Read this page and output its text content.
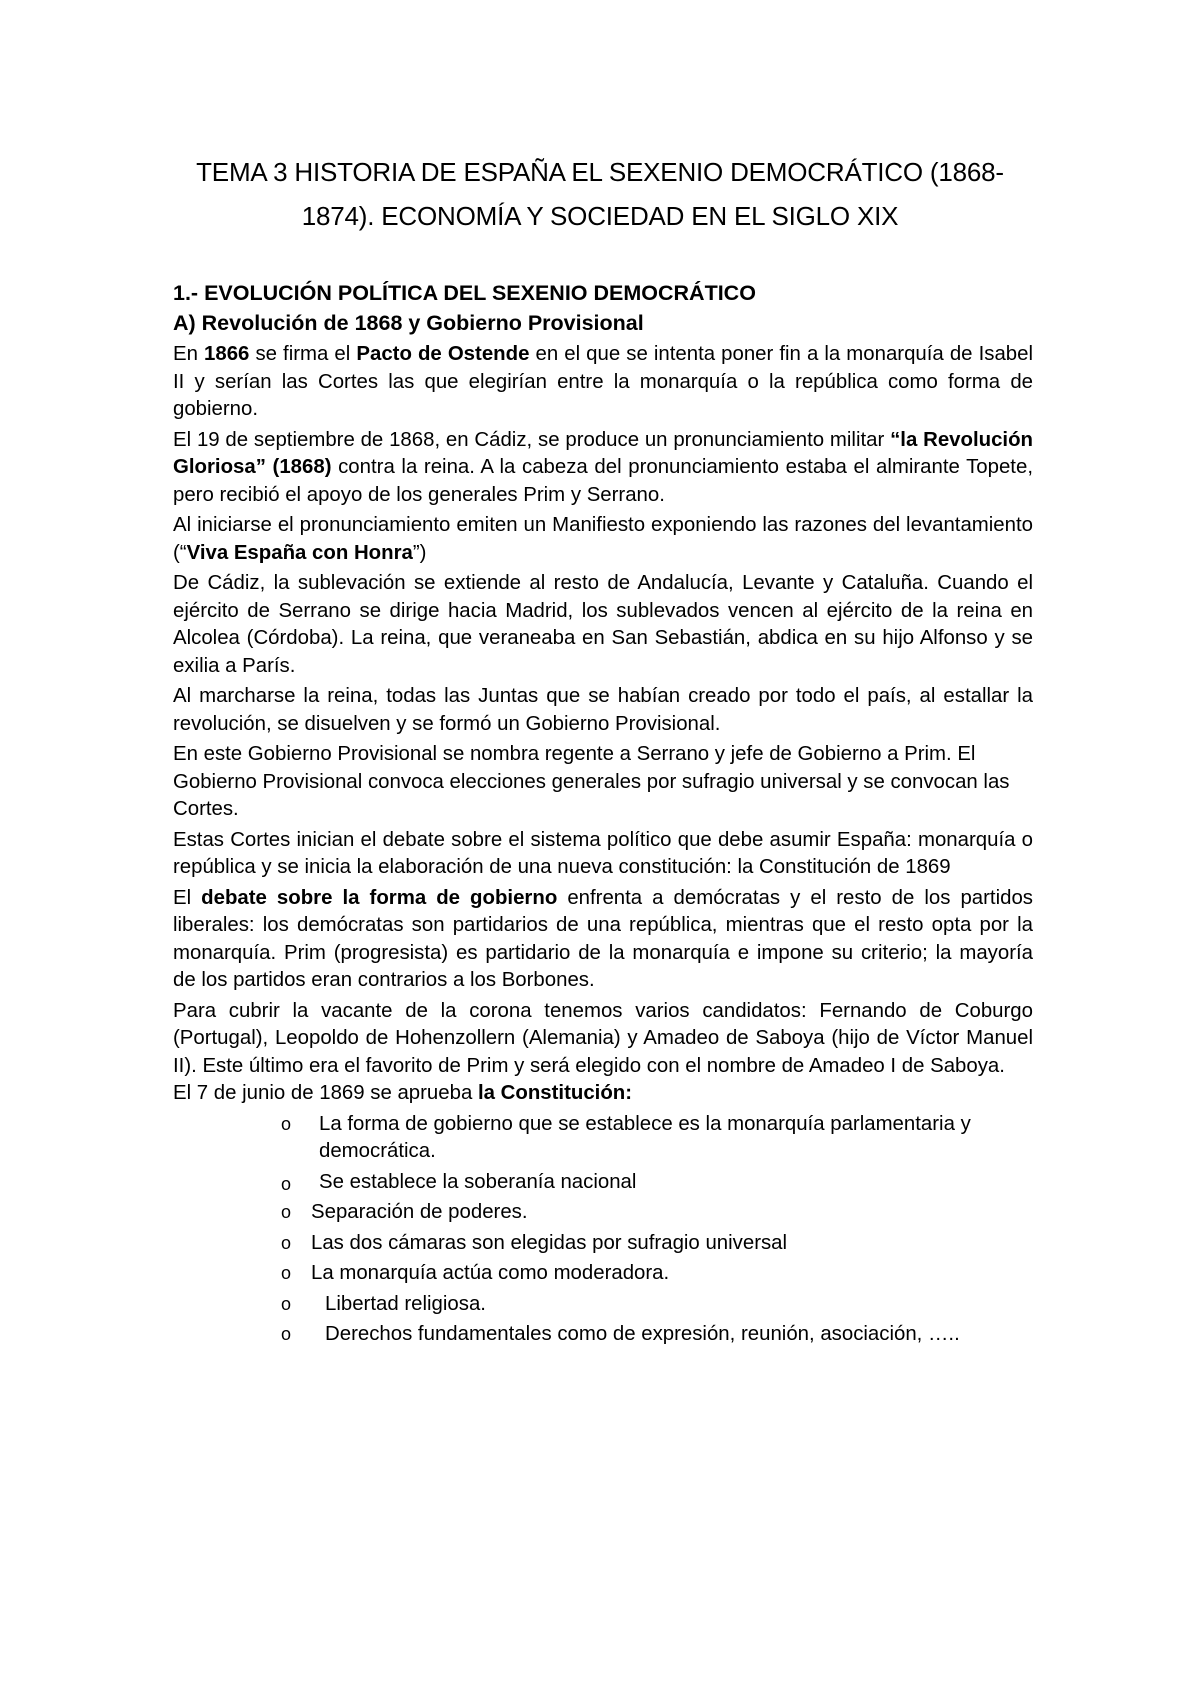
TEMA 3 HISTORIA DE ESPAÑA EL SEXENIO DEMOCRÁTICO (1868-
1874). ECONOMÍA Y SOCIEDAD EN EL SIGLO XIX
1.- EVOLUCIÓN POLÍTICA DEL SEXENIO DEMOCRÁTICO
A) Revolución de 1868 y Gobierno Provisional

En 1866 se firma el Pacto de Ostende en el que se intenta poner fin a la monarquía de Isabel II y serían las Cortes las que elegirían entre la monarquía o la república como forma de gobierno.

El 19 de septiembre de 1868, en Cádiz, se produce un pronunciamiento militar “la Revolución Gloriosa” (1868) contra la reina. A la cabeza del pronunciamiento estaba el almirante Topete, pero recibió el apoyo de los generales Prim y Serrano.

Al iniciarse el pronunciamiento emiten un Manifiesto exponiendo las razones del levantamiento (“Viva España con Honra”)

De Cádiz, la sublevación se extiende al resto de Andalucía, Levante y Cataluña. Cuando el ejército de Serrano se dirige hacia Madrid, los sublevados vencen al ejército de la reina en Alcolea (Córdoba). La reina, que veraneaba en San Sebastián, abdica en su hijo Alfonso y se exilia a París.

Al marcharse la reina, todas las Juntas que se habían creado por todo el país, al estallar la revolución, se disuelven y se formó un Gobierno Provisional.

En este Gobierno Provisional se nombra regente a Serrano y jefe de Gobierno a Prim. El Gobierno Provisional convoca elecciones generales por sufragio universal y se convocan las Cortes.

Estas Cortes inician el debate sobre el sistema político que debe asumir España: monarquía o república y se inicia la elaboración de una nueva constitución: la Constitución de 1869

El debate sobre la forma de gobierno enfrenta a demócratas y el resto de los partidos liberales: los demócratas son partidarios de una república, mientras que el resto opta por la monarquía. Prim (progresista) es partidario de la monarquía e impone su criterio; la mayoría de los partidos eran contrarios a los Borbones.

Para cubrir la vacante de la corona tenemos varios candidatos: Fernando de Coburgo (Portugal), Leopoldo de Hohenzollern (Alemania) y Amadeo de Saboya (hijo de Víctor Manuel II). Este último era el favorito de Prim y será elegido con el nombre de Amadeo I de Saboya.

El 7 de junio de 1869 se aprueba la Constitución:

o La forma de gobierno que se establece es la monarquía parlamentaria y democrática.
o Se establece la soberanía nacional
o Separación de poderes.
o Las dos cámaras son elegidas por sufragio universal
o La monarquía actúa como moderadora.
o Libertad religiosa.
o Derechos fundamentales como de expresión, reunión, asociación, …..
